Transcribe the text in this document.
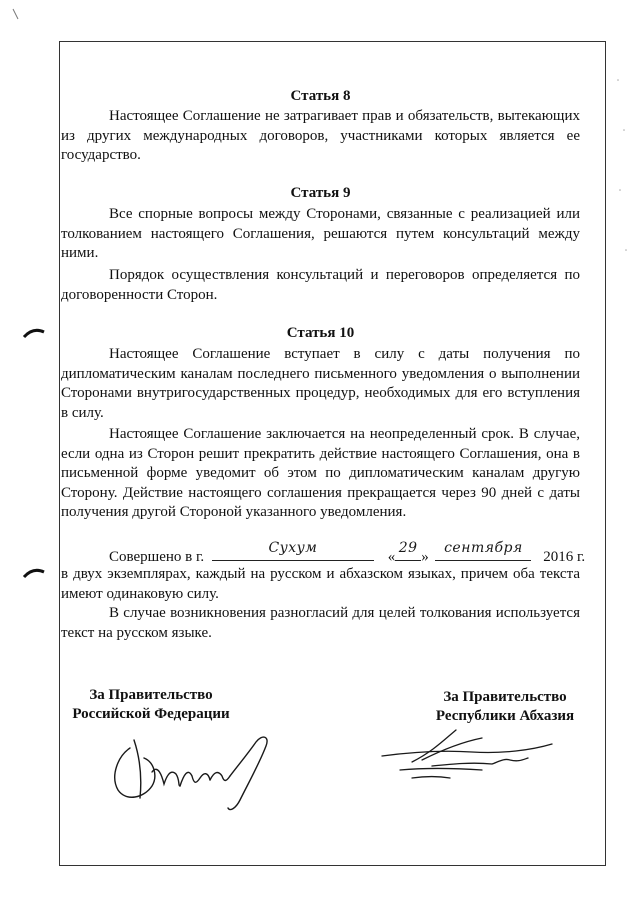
Статья 8
Настоящее Соглашение не затрагивает прав и обязательств, вытекающих из других международных договоров, участниками которых является ее государство.
Статья 9
Все спорные вопросы между Сторонами, связанные с реализацией или толкованием настоящего Соглашения, решаются путем консультаций между ними.
Порядок осуществления консультаций и переговоров определяется по договоренности Сторон.
Статья 10
Настоящее Соглашение вступает в силу с даты получения по дипломатическим каналам последнего письменного уведомления о выполнении Сторонами внутригосударственных процедур, необходимых для его вступления в силу.
Настоящее Соглашение заключается на неопределенный срок. В случае, если одна из Сторон решит прекратить действие настоящего Соглашения, она в письменной форме уведомит об этом по дипломатическим каналам другую Сторону. Действие настоящего соглашения прекращается через 90 дней с даты получения другой Стороной указанного уведомления.
Совершено в г.
Сухум
«
29
»
сентября
2016 г.
в двух экземплярах, каждый на русском и абхазском языках, причем оба текста имеют одинаковую силу.
В случае возникновения разногласий для целей толкования используется текст на русском языке.
За Правительство
Российской Федерации
За Правительство
Республики Абхазия
